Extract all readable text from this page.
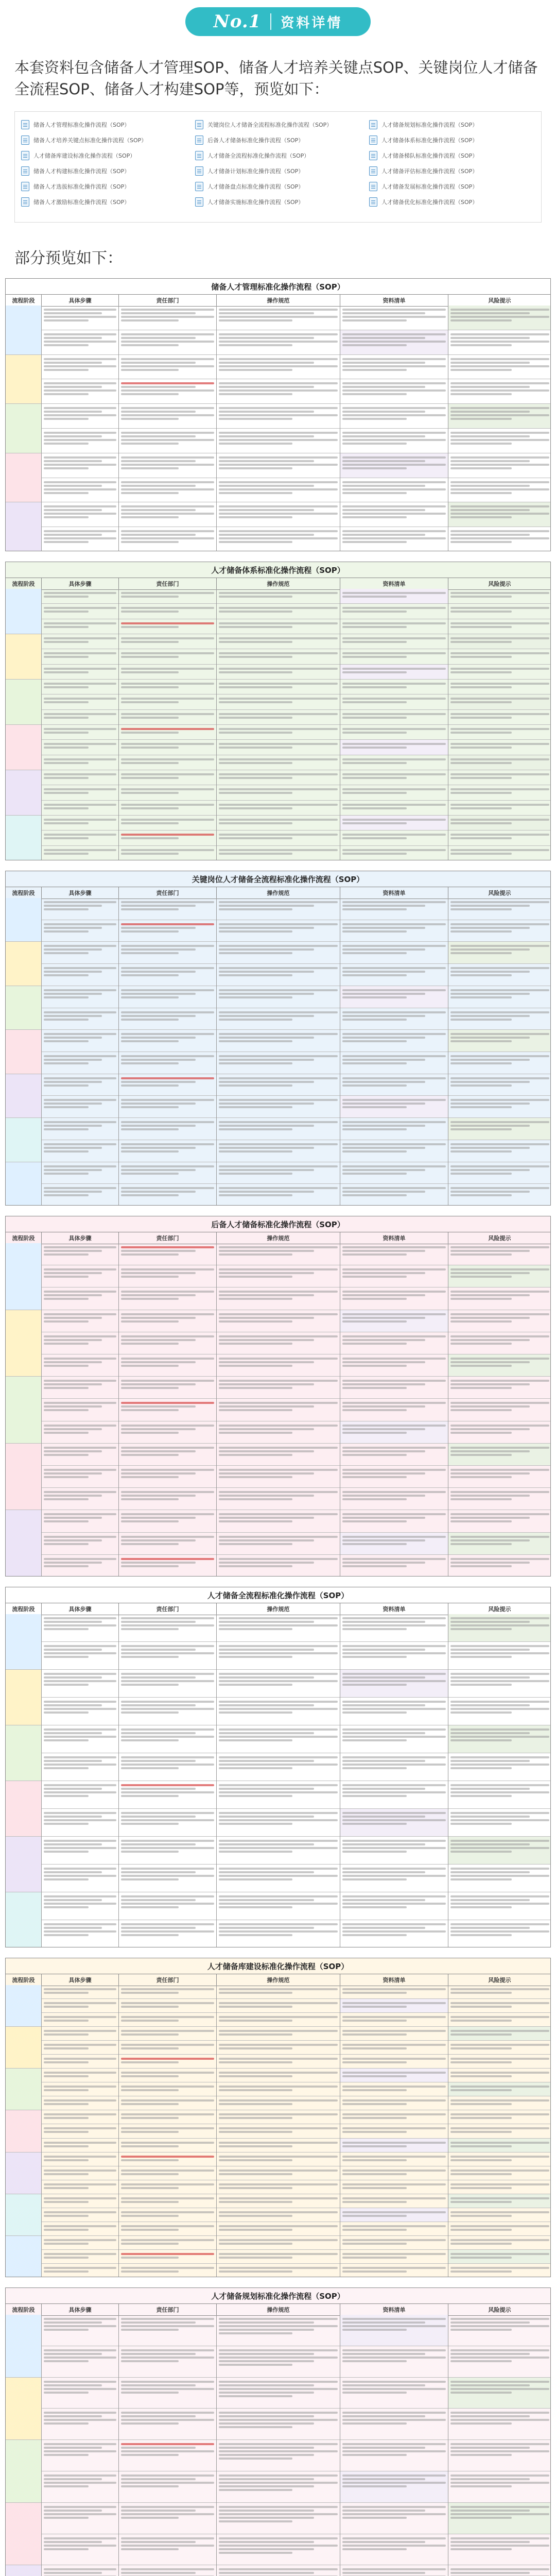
No.1 资料详情
本套资料包含储备人才管理SOP、储备人才培养关键点SOP、关键岗位人才储备全流程SOP、储备人才构建SOP等，预览如下：
储备人才管理标准化操作流程（SOP）	关键岗位人才储备全流程标准化操作流程（SOP）	人才储备规划标准化操作流程（SOP）
储备人才培养关键点标准化操作流程（SOP）	后备人才储备标准化操作流程（SOP）	人才储备体系标准化操作流程（SOP）
人才储备库建设标准化操作流程（SOP）	人才储备全流程标准化操作流程（SOP）	人才储备梯队标准化操作流程（SOP）
储备人才构建标准化操作流程（SOP）	人才储备计划标准化操作流程（SOP）	人才储备评估标准化操作流程（SOP）
储备人才选拔标准化操作流程（SOP）	人才储备盘点标准化操作流程（SOP）	人才储备发展标准化操作流程（SOP）
储备人才激励标准化操作流程（SOP）	人才储备实施标准化操作流程（SOP）	人才储备优化标准化操作流程（SOP）
部分预览如下：
储备人才管理标准化操作流程（SOP）
流程阶段	具体步骤	责任部门	操作规范	资料清单	风险提示
人才储备体系标准化操作流程（SOP）
流程阶段	具体步骤	责任部门	操作规范	资料清单	风险提示
关键岗位人才储备全流程标准化操作流程（SOP）
流程阶段	具体步骤	责任部门	操作规范	资料清单	风险提示
后备人才储备标准化操作流程（SOP）
流程阶段	具体步骤	责任部门	操作规范	资料清单	风险提示
人才储备全流程标准化操作流程（SOP）
流程阶段	具体步骤	责任部门	操作规范	资料清单	风险提示
人才储备库建设标准化操作流程（SOP）
流程阶段	具体步骤	责任部门	操作规范	资料清单	风险提示
人才储备规划标准化操作流程（SOP）
流程阶段	具体步骤	责任部门	操作规范	资料清单	风险提示
